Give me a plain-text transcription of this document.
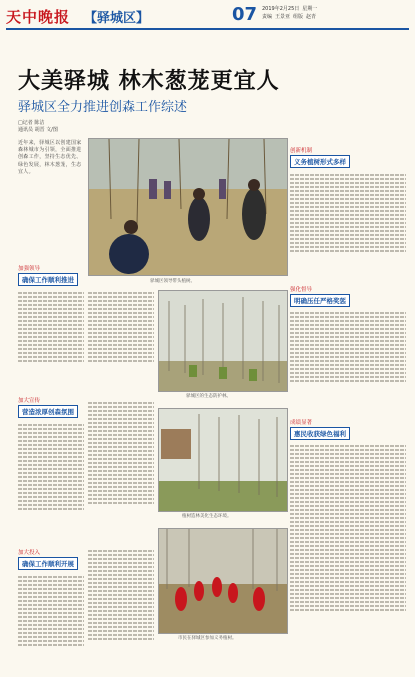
天中晚报 【驿城区】	07 2019年2月25日 星期一
责编 王景亚 组版 赵青
大美驿城 林木葱茏更宜人
驿城区全力推进创森工作综述
□记者 陈洁
通讯员 胡晋 文/图
近年来，驿城区以创建国家森林城市为引领，全面推进创森工作，坚持生态优先、绿色发展，林木葱茏，生态宜人。
驿城区领导带头植树。
创新机制
义务植树形式多样
强化督导
明确压任严格奖惩
成绩显著
惠民收获绿色福利
加强领导
确保工作顺利推进
加大宣传
营造浓厚创森氛围
加大投入
确保工作顺利开展
驿城区的生态防护林。
植树造林美化生态环境。
市民在驿城区参加义务植树。
